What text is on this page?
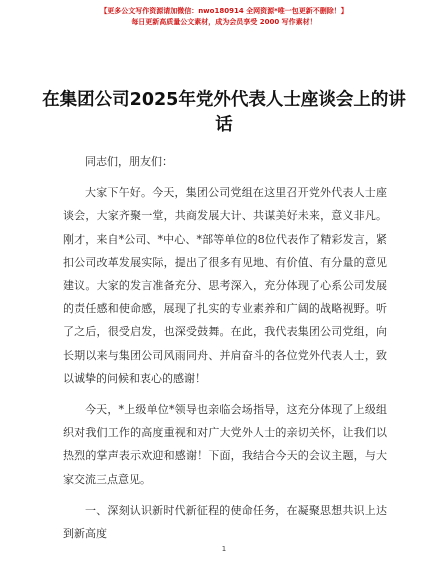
【更多公文写作资源请加微信：nwo180914 全网资源*唯一包更新不删除！】
每日更新高质量公文素材，成为会员享受 2000 写作素材！
在集团公司2025年党外代表人士座谈会上的讲话

同志们，朋友们：

大家下午好。今天，集团公司党组在这里召开党外代表人士座谈会，大家齐聚一堂，共商发展大计、共谋美好未来，意义非凡。刚才，来自*公司、*中心、*部等单位的8位代表作了精彩发言，紧扣公司改革发展实际，提出了很多有见地、有价值、有分量的意见建议。大家的发言准备充分、思考深入，充分体现了心系公司发展的责任感和使命感，展现了扎实的专业素养和广阔的战略视野。听了之后，很受启发，也深受鼓舞。在此，我代表集团公司党组，向长期以来与集团公司风雨同舟、并肩奋斗的各位党外代表人士，致以诚挚的问候和衷心的感谢！

今天，*上级单位*领导也亲临会场指导，这充分体现了上级组织对我们工作的高度重视和对广大党外人士的亲切关怀，让我们以热烈的掌声表示欢迎和感谢！下面，我结合今天的会议主题，与大家交流三点意见。

一、深刻认识新时代新征程的使命任务，在凝聚思想共识上达到新高度

1
